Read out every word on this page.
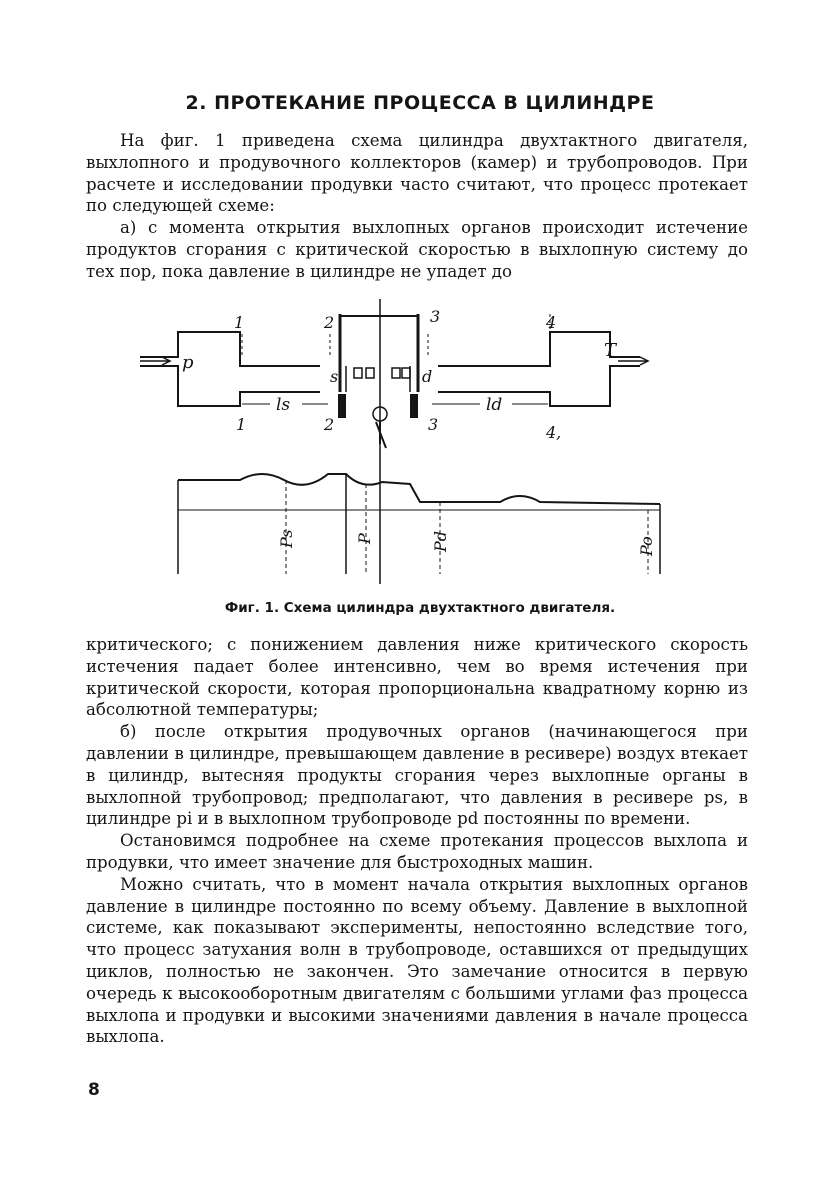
2. ПРОТЕКАНИЕ ПРОЦЕССА В ЦИЛИНДРЕ

На фиг. 1 приведена схема цилиндра двухтактного двигателя, выхлопного и продувочного коллекторов (камер) и трубопроводов. При расчете и исследовании продувки часто считают, что процесс протекает по следующей схеме:

а) с момента открытия выхлопных органов происходит истечение продуктов сгорания с критической скоростью в выхлопную систему до тех пор, пока давление в цилиндре не упадет до

p
T
s	d
ls	ld
1	2	3	4
1	2	3	4,
Ps	P	Pd	Po
Фиг. 1. Схема цилиндра двухтактного двигателя.

критического; с понижением давления ниже критического скорость истечения падает более интенсивно, чем во время истечения при критической скорости, которая пропорциональна квадратному корню из абсолютной температуры;

б) после открытия продувочных органов (начинающегося при давлении в цилиндре, превышающем давление в ресивере) воздух втекает в цилиндр, вытесняя продукты сгорания через выхлопные органы в выхлопной трубопровод; предполагают, что давления в ресивере ps, в цилиндре pi и в выхлопном трубопроводе pd постоянны по времени.

Остановимся подробнее на схеме протекания процессов выхлопа и продувки, что имеет значение для быстроходных машин.

Можно считать, что в момент начала открытия выхлопных органов давление в цилиндре постоянно по всему объему. Давление в выхлопной системе, как показывают эксперименты, непостоянно вследствие того, что процесс затухания волн в трубопроводе, оставшихся от предыдущих циклов, полностью не закончен. Это замечание относится в первую очередь к высокооборотным двигателям с большими углами фаз процесса выхлопа и продувки и высокими значениями давления в начале процесса выхлопа.

8
